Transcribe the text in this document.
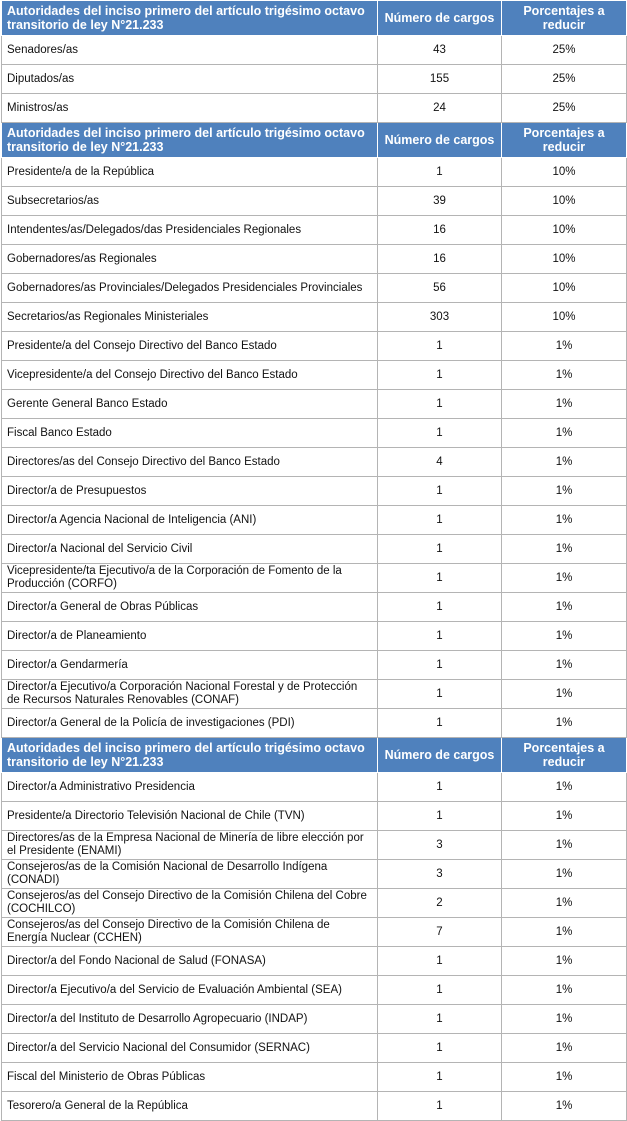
Autoridades del inciso primero del artículo trigésimo octavo transitorio de ley N°21.233	Número de cargos	Porcentajes a reducir
Senadores/as	43	25%
Diputados/as	155	25%
Ministros/as	24	25%
Autoridades del inciso primero del artículo trigésimo octavo transitorio de ley N°21.233	Número de cargos	Porcentajes a reducir
Presidente/a de la República	1	10%
Subsecretarios/as	39	10%
Intendentes/as/Delegados/das Presidenciales Regionales	16	10%
Gobernadores/as Regionales	16	10%
Gobernadores/as Provinciales/Delegados Presidenciales Provinciales	56	10%
Secretarios/as Regionales Ministeriales	303	10%
Presidente/a del Consejo Directivo del Banco Estado	1	1%
Vicepresidente/a del Consejo Directivo del Banco Estado	1	1%
Gerente General Banco Estado	1	1%
Fiscal Banco Estado	1	1%
Directores/as del Consejo Directivo del Banco Estado	4	1%
Director/a de Presupuestos	1	1%
Director/a Agencia Nacional de Inteligencia (ANI)	1	1%
Director/a Nacional del Servicio Civil	1	1%
Vicepresidente/ta Ejecutivo/a de la Corporación de Fomento de la Producción (CORFO)	1	1%
Director/a General de Obras Públicas	1	1%
Director/a de Planeamiento	1	1%
Director/a Gendarmería	1	1%
Director/a Ejecutivo/a Corporación Nacional Forestal y de Protección de Recursos Naturales Renovables (CONAF)	1	1%
Director/a General de la Policía de investigaciones (PDI)	1	1%
Autoridades del inciso primero del artículo trigésimo octavo transitorio de ley N°21.233	Número de cargos	Porcentajes a reducir
Director/a Administrativo Presidencia	1	1%
Presidente/a Directorio Televisión Nacional de Chile (TVN)	1	1%
Directores/as de la Empresa Nacional de Minería de libre elección por el Presidente (ENAMI)	3	1%
Consejeros/as de la Comisión Nacional de Desarrollo Indígena (CONADI)	3	1%
Consejeros/as del Consejo Directivo de la Comisión Chilena del Cobre (COCHILCO)	2	1%
Consejeros/as del Consejo Directivo de la Comisión Chilena de Energía Nuclear (CCHEN)	7	1%
Director/a del Fondo Nacional de Salud (FONASA)	1	1%
Director/a Ejecutivo/a del Servicio de Evaluación Ambiental (SEA)	1	1%
Director/a del Instituto de Desarrollo Agropecuario (INDAP)	1	1%
Director/a del Servicio Nacional del Consumidor (SERNAC)	1	1%
Fiscal del Ministerio de Obras Públicas	1	1%
Tesorero/a General de la República	1	1%
